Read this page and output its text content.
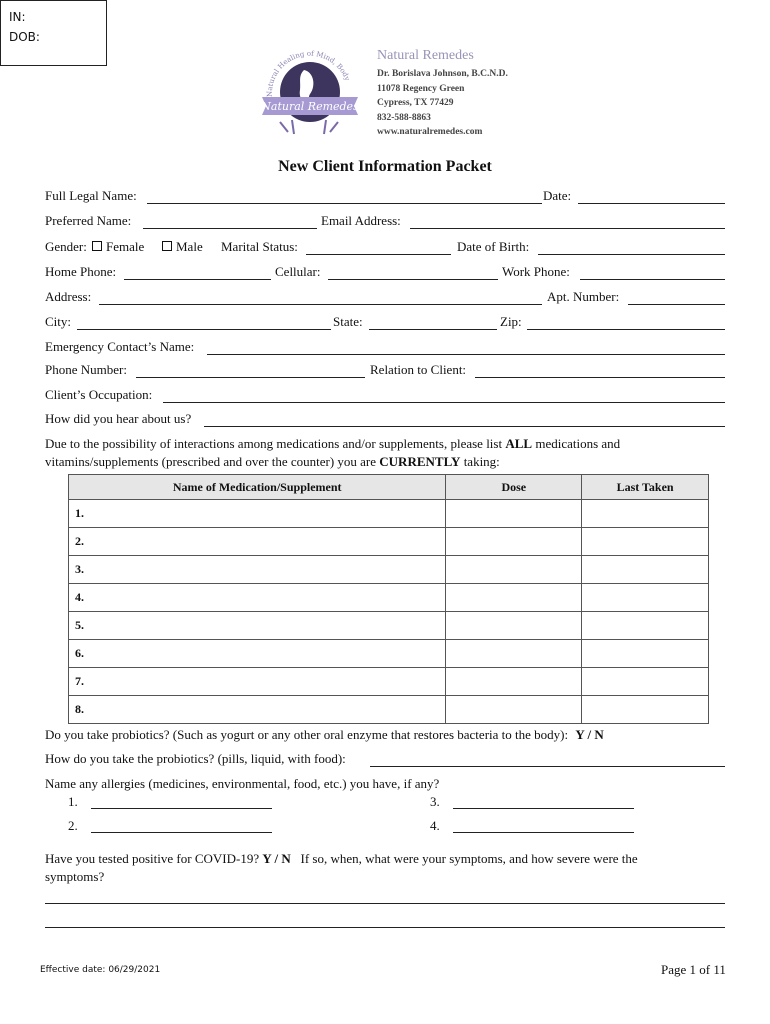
IN:
DOB:
Natural Healing of Mind, Body
Natural Remedes
Natural Remedes
Dr. Borislava Johnson, B.C.N.D.
11078 Regency Green
Cypress, TX 77429
832-588-8863
www.naturalremedes.com
New Client Information Packet
Full Legal Name:	Date:
Preferred Name:	Email Address:
Gender:	Female	Male Marital Status:	Date of Birth:
Home Phone:	Cellular:	Work Phone:
Address:	Apt. Number:
City:	State:	Zip:
Emergency Contact’s Name:
Phone Number:	Relation to Client:
Client’s Occupation:
How did you hear about us?
Due to the possibility of interactions among medications and/or supplements, please list ALL medications and
vitamins/supplements (prescribed and over the counter) you are CURRENTLY taking:
Name of Medication/Supplement	Dose	Last Taken
1.		
2.		
3.		
4.		
5.		
6.		
7.		
8.		
Do you take probiotics? (Such as yogurt or any other oral enzyme that restores bacteria to the body): Y / N
How do you take the probiotics? (pills, liquid, with food):
Name any allergies (medicines, environmental, food, etc.) you have, if any?
1.	3.
2.	4.
Have you tested positive for COVID-19? Y / N If so, when, what were your symptoms, and how severe were the
symptoms?
Effective date: 06/29/2021	Page 1 of 11
